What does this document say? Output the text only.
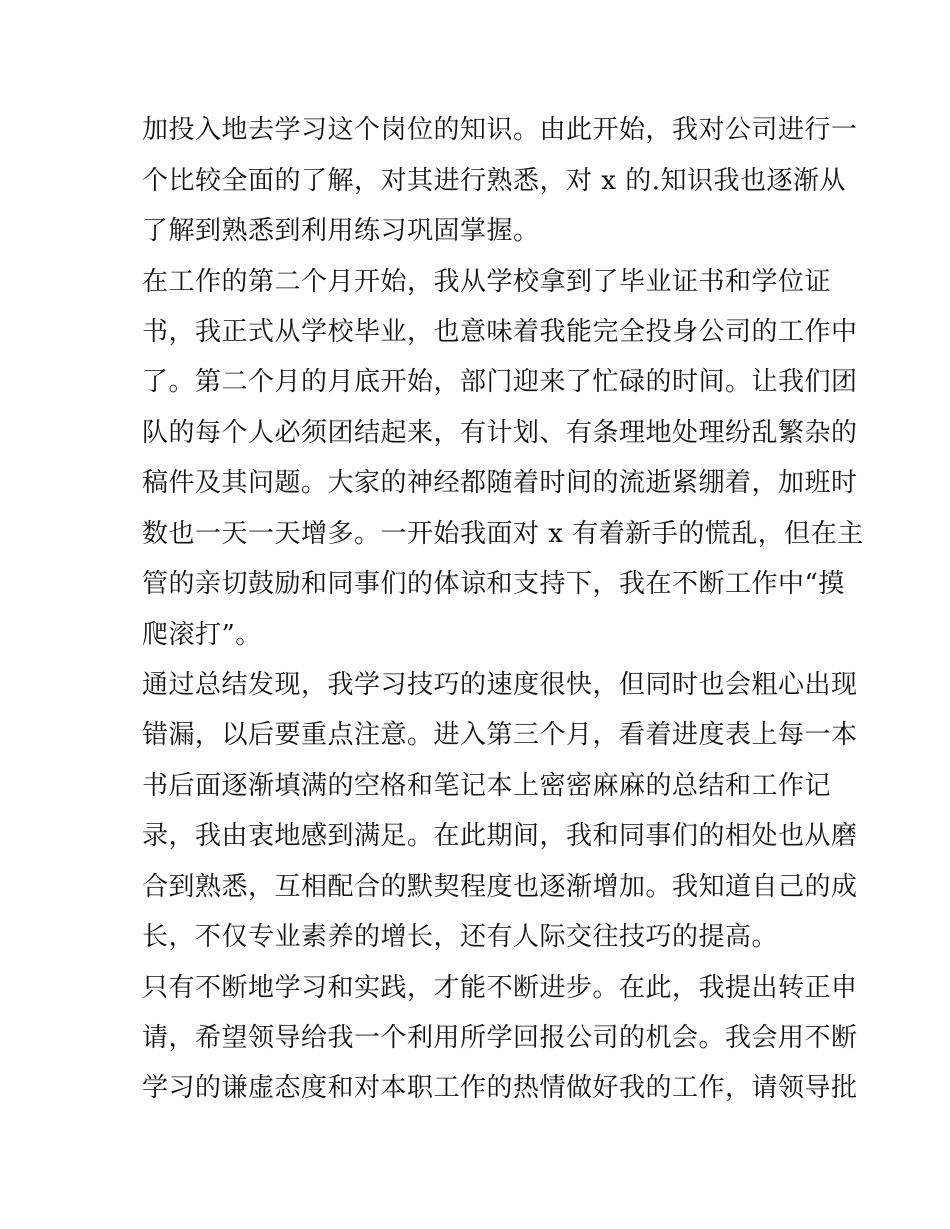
加投入地去学习这个岗位的知识。由此开始，我对公司进行一
个比较全面的了解，对其进行熟悉，对 x 的.知识我也逐渐从
了解到熟悉到利用练习巩固掌握。
在工作的第二个月开始，我从学校拿到了毕业证书和学位证
书，我正式从学校毕业，也意味着我能完全投身公司的工作中
了。第二个月的月底开始，部门迎来了忙碌的时间。让我们团
队的每个人必须团结起来，有计划、有条理地处理纷乱繁杂的
稿件及其问题。大家的神经都随着时间的流逝紧绷着，加班时
数也一天一天增多。一开始我面对 x 有着新手的慌乱，但在主
管的亲切鼓励和同事们的体谅和支持下，我在不断工作中“摸
爬滚打”。
通过总结发现，我学习技巧的速度很快，但同时也会粗心出现
错漏，以后要重点注意。进入第三个月，看着进度表上每一本
书后面逐渐填满的空格和笔记本上密密麻麻的总结和工作记
录，我由衷地感到满足。在此期间，我和同事们的相处也从磨
合到熟悉，互相配合的默契程度也逐渐增加。我知道自己的成
长，不仅专业素养的增长，还有人际交往技巧的提高。
只有不断地学习和实践，才能不断进步。在此，我提出转正申
请，希望领导给我一个利用所学回报公司的机会。我会用不断
学习的谦虚态度和对本职工作的热情做好我的工作，请领导批
